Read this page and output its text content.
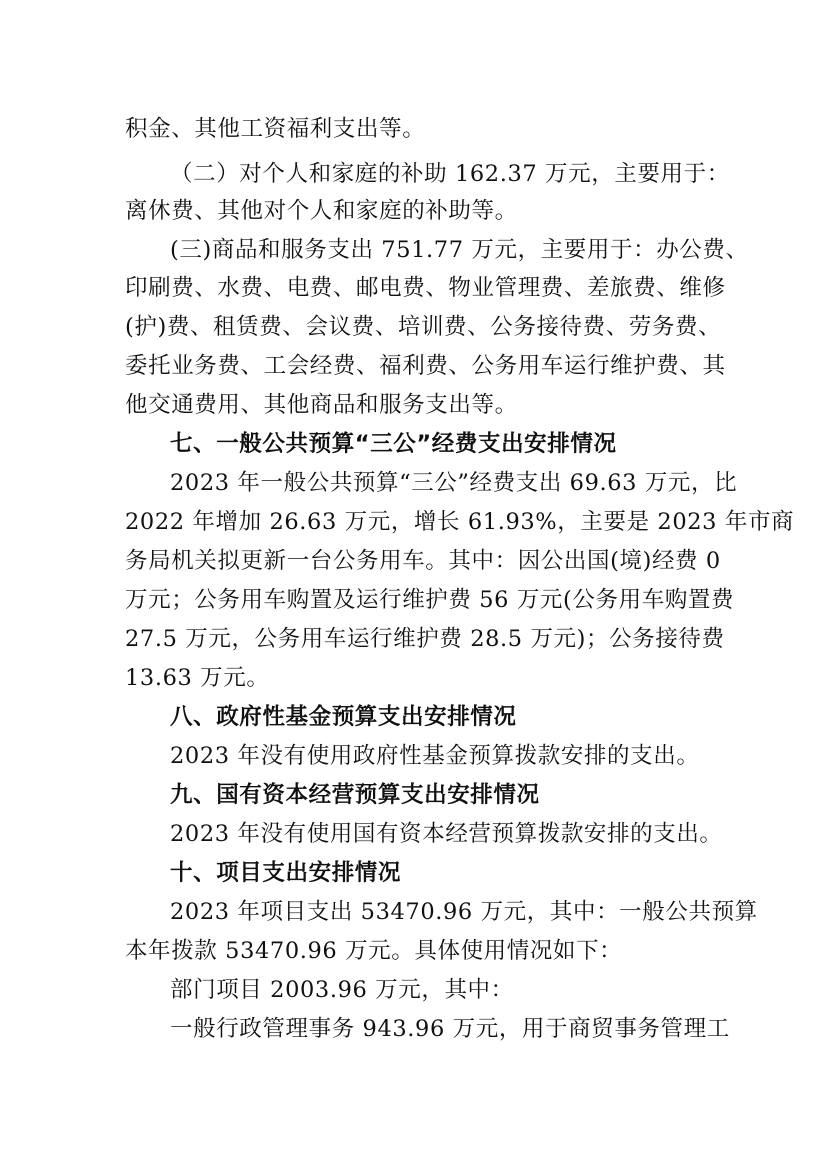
积金、其他工资福利支出等。
（二）对个人和家庭的补助 162.37 万元，主要用于：
离休费、其他对个人和家庭的补助等。
(三)商品和服务支出 751.77 万元，主要用于：办公费、
印刷费、水费、电费、邮电费、物业管理费、差旅费、维修
(护)费、租赁费、会议费、培训费、公务接待费、劳务费、
委托业务费、工会经费、福利费、公务用车运行维护费、其
他交通费用、其他商品和服务支出等。
七、一般公共预算“三公”经费支出安排情况
2023 年一般公共预算“三公”经费支出 69.63 万元，比
2022 年增加 26.63 万元，增长 61.93%，主要是 2023 年市商
务局机关拟更新一台公务用车。其中：因公出国(境)经费 0
万元；公务用车购置及运行维护费 56 万元(公务用车购置费
27.5 万元，公务用车运行维护费 28.5 万元)；公务接待费
13.63 万元。
八、政府性基金预算支出安排情况
2023 年没有使用政府性基金预算拨款安排的支出。
九、国有资本经营预算支出安排情况
2023 年没有使用国有资本经营预算拨款安排的支出。
十、项目支出安排情况
2023 年项目支出 53470.96 万元，其中：一般公共预算
本年拨款 53470.96 万元。具体使用情况如下：
部门项目 2003.96 万元，其中：
一般行政管理事务 943.96 万元，用于商贸事务管理工
